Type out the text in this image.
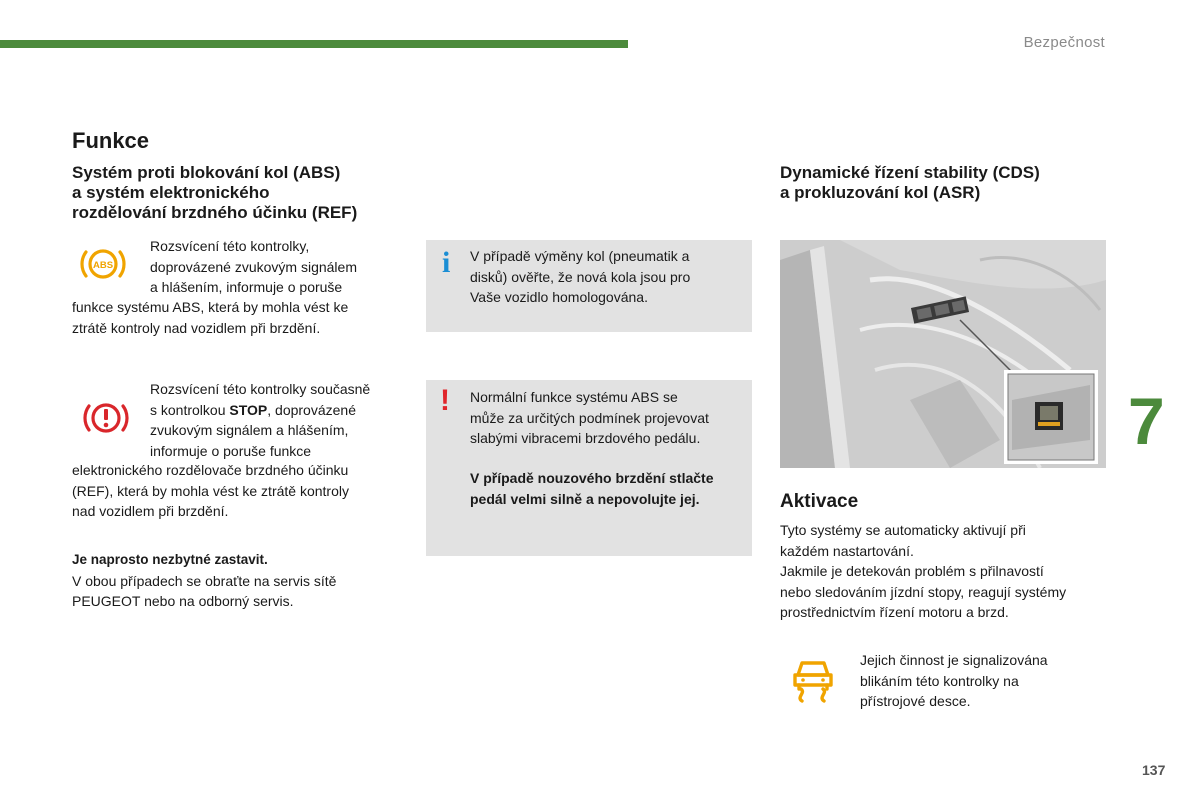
Bezpečnost
Funkce
Systém proti blokování kol (ABS)
a systém elektronického
rozdělování brzdného účinku (REF)
ABS

Rozsvícení této kontrolky,
doprovázené zvukovým signálem
a hlášením, informuje o poruše

funkce systému ABS, která by mohla vést ke
ztrátě kontroly nad vozidlem při brzdění.

Rozsvícení této kontrolky současně
s kontrolkou STOP, doprovázené
zvukovým signálem a hlášením,
informuje o poruše funkce

elektronického rozdělovače brzdného účinku
(REF), která by mohla vést ke ztrátě kontroly
nad vozidlem při brzdění.

Je naprosto nezbytné zastavit.
V obou případech se obraťte na servis sítě
PEUGEOT nebo na odborný servis.

i V případě výměny kol (pneumatik a
disků) ověřte, že nová kola jsou pro
Vaše vozidlo homologována.

! Normální funkce systému ABS se
může za určitých podmínek projevovat
slabými vibracemi brzdového pedálu.

V případě nouzového brzdění stlačte
pedál velmi silně a nepovolujte jej.

Dynamické řízení stability (CDS)
a prokluzování kol (ASR)
7
Aktivace

Tyto systémy se automaticky aktivují při
každém nastartování.
Jakmile je detekován problém s přilnavostí
nebo sledováním jízdní stopy, reagují systémy
prostřednictvím řízení motoru a brzd.

Jejich činnost je signalizována
blikáním této kontrolky na
přístrojové desce.

137
